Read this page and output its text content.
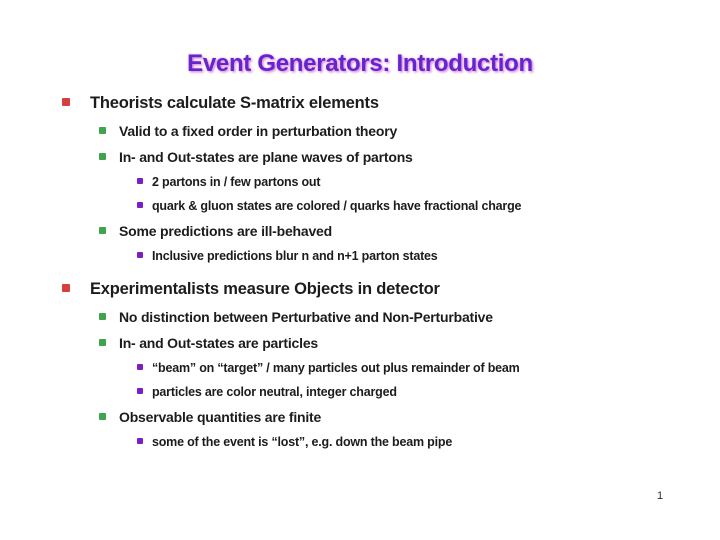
Event Generators: Introduction
Theorists calculate S-matrix elements
Valid to a fixed order in perturbation theory
In- and Out-states are plane waves of partons
2 partons in / few partons out
quark & gluon states are colored / quarks have fractional charge
Some predictions are ill-behaved
Inclusive predictions blur n and n+1 parton states
Experimentalists measure Objects in detector
No distinction between Perturbative and Non-Perturbative
In- and Out-states are particles
“beam” on “target” / many particles out plus remainder of beam
particles are color neutral, integer charged
Observable quantities are finite
some of the event is “lost”, e.g. down the beam pipe
1
